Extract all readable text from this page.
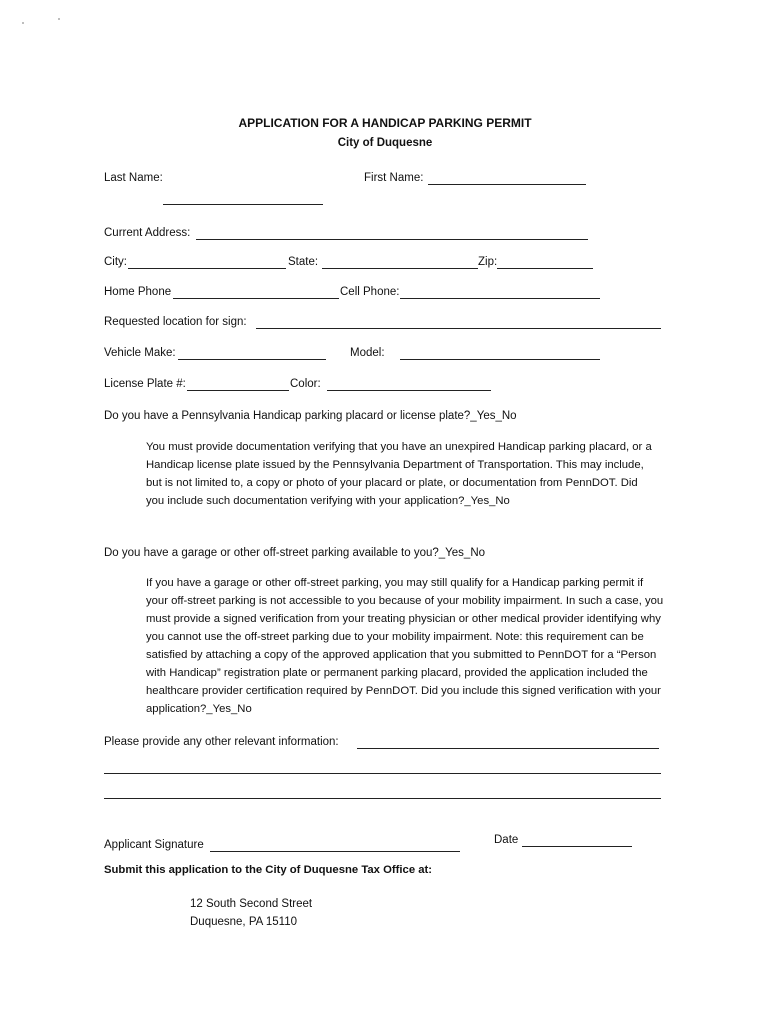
APPLICATION FOR A HANDICAP PARKING PERMIT
City of Duquesne
Last Name:	First Name:
Current Address:
City:	State:	Zip:
Home Phone	Cell Phone:
Requested location for sign:
Vehicle Make:	Model:
License Plate #:	Color:
Do you have a Pennsylvania Handicap parking placard or license plate?_Yes_No
You must provide documentation verifying that you have an unexpired Handicap parking placard, or a Handicap license plate issued by the Pennsylvania Department of Transportation. This may include, but is not limited to, a copy or photo of your placard or plate, or documentation from PennDOT. Did you include such documentation verifying with your application?_Yes_No
Do you have a garage or other off-street parking available to you?_Yes_No
If you have a garage or other off-street parking, you may still qualify for a Handicap parking permit if your off-street parking is not accessible to you because of your mobility impairment. In such a case, you must provide a signed verification from your treating physician or other medical provider identifying why you cannot use the off-street parking due to your mobility impairment. Note: this requirement can be satisfied by attaching a copy of the approved application that you submitted to PennDOT for a “Person with Handicap” registration plate or permanent parking placard, provided the application included the healthcare provider certification required by PennDOT. Did you include this signed verification with your application?_Yes_No
Please provide any other relevant information:
Applicant Signature	Date
Submit this application to the City of Duquesne Tax Office at:
12 South Second Street
Duquesne, PA 15110
